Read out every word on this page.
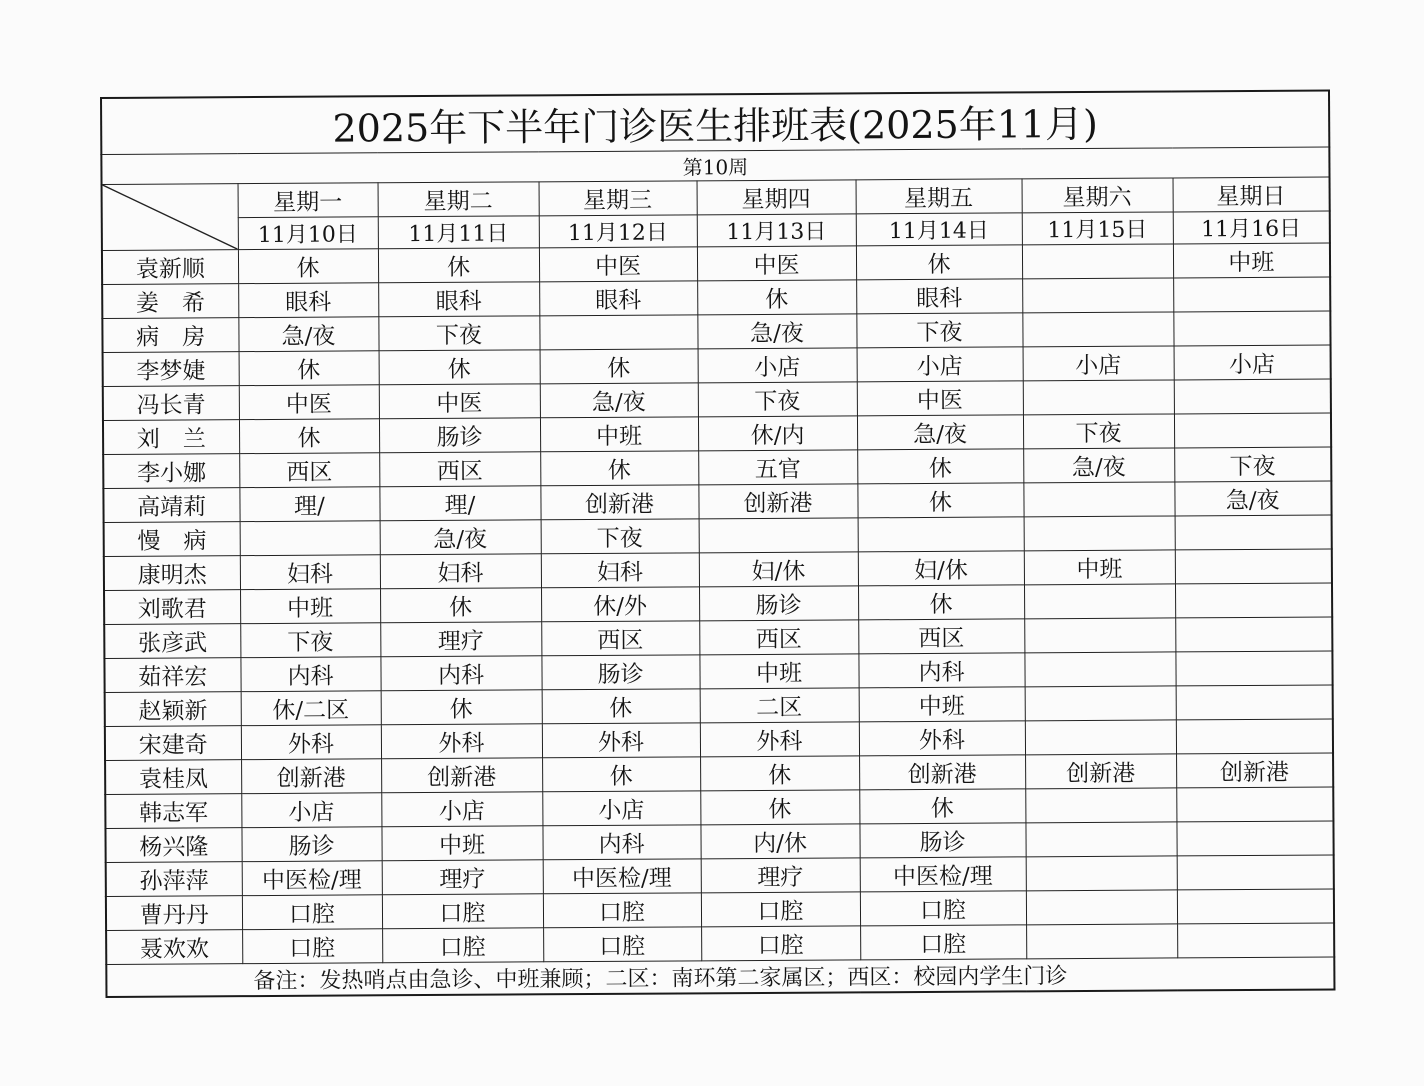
2025年下半年门诊医生排班表(2025年11月)							
第10周							

	星期一	星期二	星期三	星期四	星期五	星期六	星期日
	11月10日	11月11日	11月12日	11月13日	11月14日	11月15日	11月16日
袁新顺	休	休	中医	中医	休		中班
姜　希	眼科	眼科	眼科	休	眼科		
病　房	急/夜	下夜		急/夜	下夜		
李梦婕	休	休	休	小店	小店	小店	小店
冯长青	中医	中医	急/夜	下夜	中医		
刘　兰	休	肠诊	中班	休/内	急/夜	下夜	
李小娜	西区	西区	休	五官	休	急/夜	下夜
高靖莉	理/	理/	创新港	创新港	休		急/夜
慢　病		急/夜	下夜				
康明杰	妇科	妇科	妇科	妇/休	妇/休	中班	
刘歌君	中班	休	休/外	肠诊	休		
张彦武	下夜	理疗	西区	西区	西区		
茹祥宏	内科	内科	肠诊	中班	内科		
赵颖新	休/二区	休	休	二区	中班		
宋建奇	外科	外科	外科	外科	外科		
袁桂凤	创新港	创新港	休	休	创新港	创新港	创新港
韩志军	小店	小店	小店	休	休		
杨兴隆	肠诊	中班	内科	内/休	肠诊		
孙萍萍	中医检/理	理疗	中医检/理	理疗	中医检/理		
曹丹丹	口腔	口腔	口腔	口腔	口腔		
聂欢欢	口腔	口腔	口腔	口腔	口腔		
备注：发热哨点由急诊、中班兼顾；二区：南环第二家属区；西区：校园内学生门诊							
